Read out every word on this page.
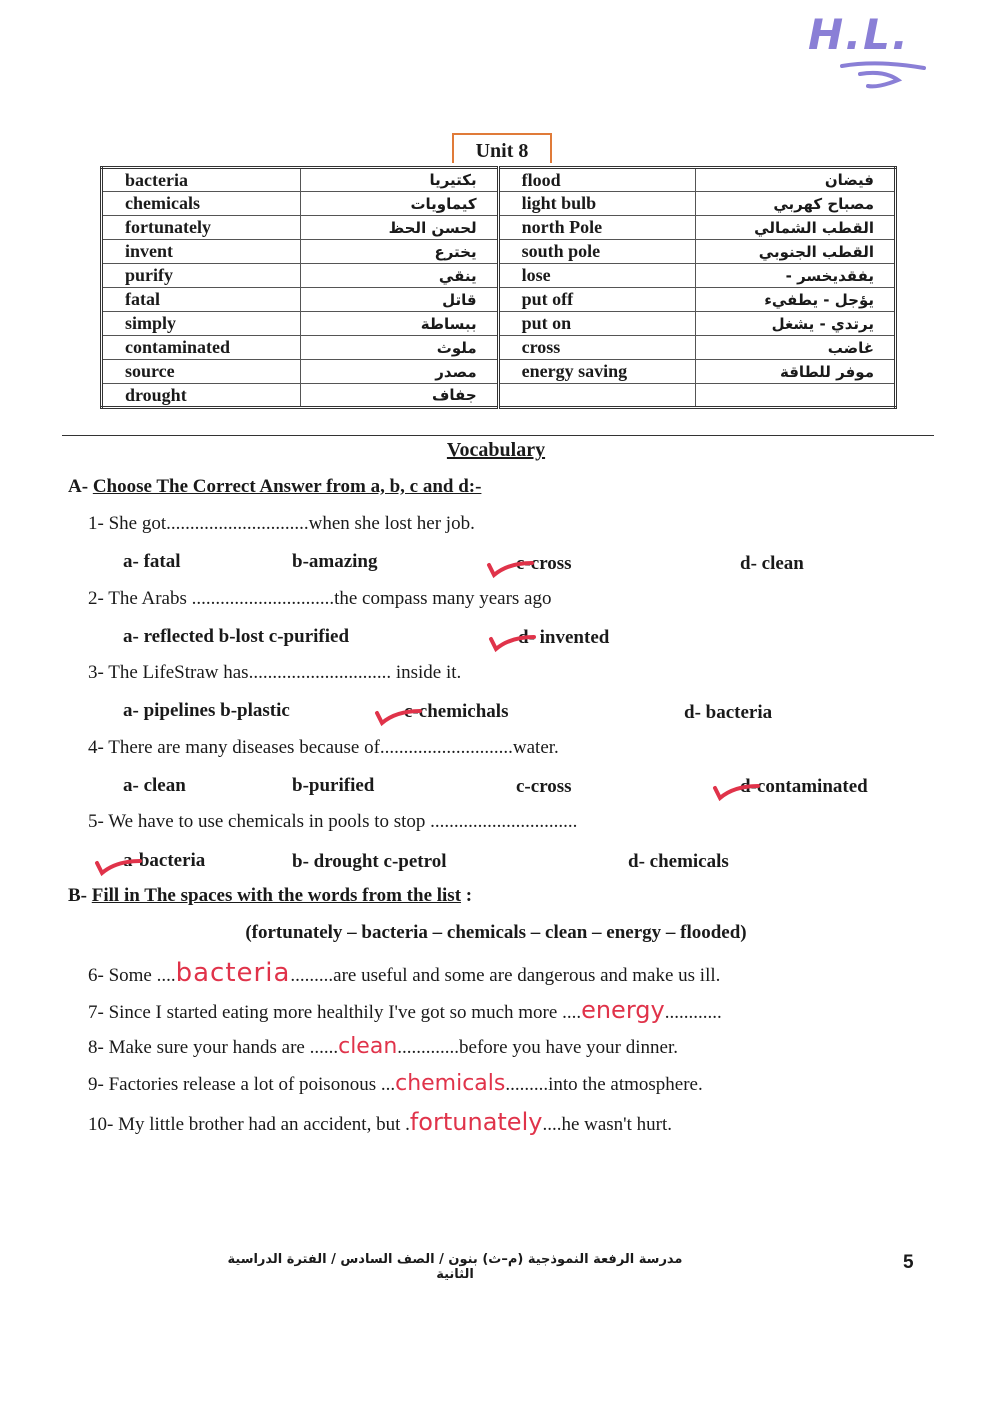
H.L.
Unit 8
bacteria	بكتيريا	flood	فيضان
chemicals	كيماويات	light bulb	مصباح كهربي
fortunately	لحسن الحظ	north Pole	القطب الشمالي
invent	يخترع	south pole	القطب الجنوبي
purify	ينقي	lose	يفقديخسر -
fatal	قاتل	put off	يؤجل - يطفيء
simply	ببساطة	put on	يرتدي - يشغل
contaminated	ملوث	cross	غاضب
source	مصدر	energy saving	موفر للطاقة
drought	جفاف		
Vocabulary
A- Choose The Correct Answer from a, b, c and d:-
1- She got..............................when she lost her job.
a- fatal	b-amazing	c-cross	d- clean
2- The Arabs ..............................the compass many years ago
a- reflected b-lost c-purified	d- invented
3- The LifeStraw has.............................. inside it.
a- pipelines b-plastic	c-chemichals	d- bacteria
4- There are many diseases because of............................water.
a- clean	b-purified	c-cross	d-contaminated
5- We have to use chemicals in pools to stop ...............................
a-bacteria	b- drought c-petrol	d- chemicals
B- Fill in The spaces with the words from the list :
(fortunately – bacteria – chemicals – clean – energy – flooded)
6- Some ....bacteria.........are useful and some are dangerous and make us ill.
7- Since I started eating more healthily I've got so much more ....energy............
8- Make sure your hands are ......clean.............before you have your dinner.
9- Factories release a lot of poisonous ...chemicals.........into the atmosphere.
10- My little brother had an accident, but .fortunately....he wasn't hurt.
مدرسة الرفعة النموذجية (م–ث) بنون / الصف السادس / الفترة الدراسية الثانية
5
